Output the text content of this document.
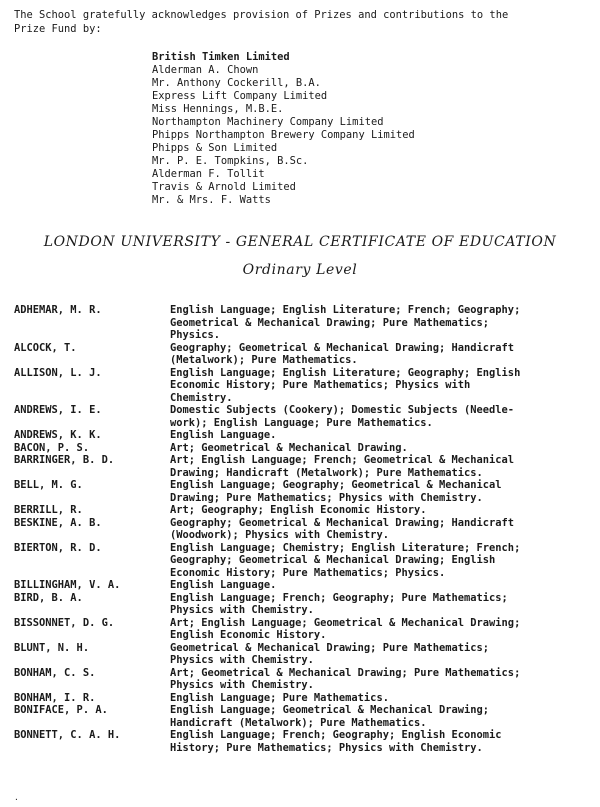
The School gratefully acknowledges provision of Prizes and contributions to the
Prize Fund by:
British Timken Limited
Alderman A. Chown
Mr. Anthony Cockerill, B.A.
Express Lift Company Limited
Miss Hennings, M.B.E.
Northampton Machinery Company Limited
Phipps Northampton Brewery Company Limited
Phipps & Son Limited
Mr. P. E. Tompkins, B.Sc.
Alderman F. Tollit
Travis & Arnold Limited
Mr. & Mrs. F. Watts
LONDON UNIVERSITY - GENERAL CERTIFICATE OF EDUCATION
Ordinary Level
ADHEMAR, M. R.	English Language; English Literature; French; Geography;
Geometrical & Mechanical Drawing; Pure Mathematics;
Physics.
ALCOCK, T.	Geography; Geometrical & Mechanical Drawing; Handicraft
(Metalwork); Pure Mathematics.
ALLISON, L. J.	English Language; English Literature; Geography; English
Economic History; Pure Mathematics; Physics with
Chemistry.
ANDREWS, I. E.	Domestic Subjects (Cookery); Domestic Subjects (Needle-
work); English Language; Pure Mathematics.
ANDREWS, K. K.	English Language.
BACON, P. S.	Art; Geometrical & Mechanical Drawing.
BARRINGER, B. D.	Art; English Language; French; Geometrical & Mechanical
Drawing; Handicraft (Metalwork); Pure Mathematics.
BELL, M. G.	English Language; Geography; Geometrical & Mechanical
Drawing; Pure Mathematics; Physics with Chemistry.
BERRILL, R.	Art; Geography; English Economic History.
BESKINE, A. B.	Geography; Geometrical & Mechanical Drawing; Handicraft
(Woodwork); Physics with Chemistry.
BIERTON, R. D.	English Language; Chemistry; English Literature; French;
Geography; Geometrical & Mechanical Drawing; English
Economic History; Pure Mathematics; Physics.
BILLINGHAM, V. A.	English Language.
BIRD, B. A.	English Language; French; Geography; Pure Mathematics;
Physics with Chemistry.
BISSONNET, D. G.	Art; English Language; Geometrical & Mechanical Drawing;
English Economic History.
BLUNT, N. H.	Geometrical & Mechanical Drawing; Pure Mathematics;
Physics with Chemistry.
BONHAM, C. S.	Art; Geometrical & Mechanical Drawing; Pure Mathematics;
Physics with Chemistry.
BONHAM, I. R.	English Language; Pure Mathematics.
BONIFACE, P. A.	English Language; Geometrical & Mechanical Drawing;
Handicraft (Metalwork); Pure Mathematics.
BONNETT, C. A. H.	English Language; French; Geography; English Economic
History; Pure Mathematics; Physics with Chemistry.
.
